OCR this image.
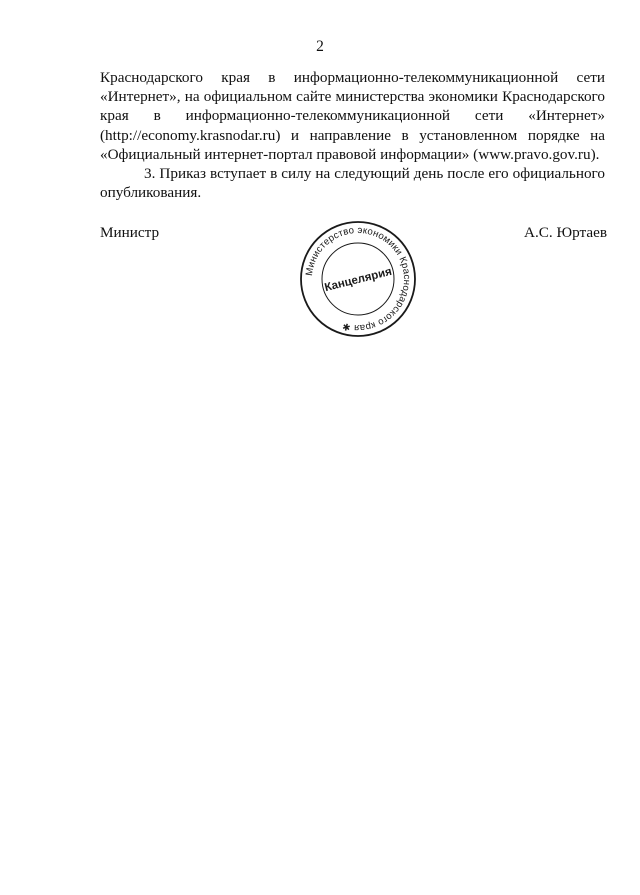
2

Краснодарского края в информационно-телекоммуникационной сети
«Интернет», на официальном сайте министерства экономики Краснодарского
края в информационно-телекоммуникационной сети «Интернет»
(http://economy.krasnodar.ru) и направление в установленном порядке на
«Официальный интернет-портал правовой информации» (www.pravo.gov.ru).

3. Приказ вступает в силу на следующий день после его официального
опубликования.

Министр	А.С. Юртаев
Министерство экономики Краснодарского края ✱
Канцелярия
